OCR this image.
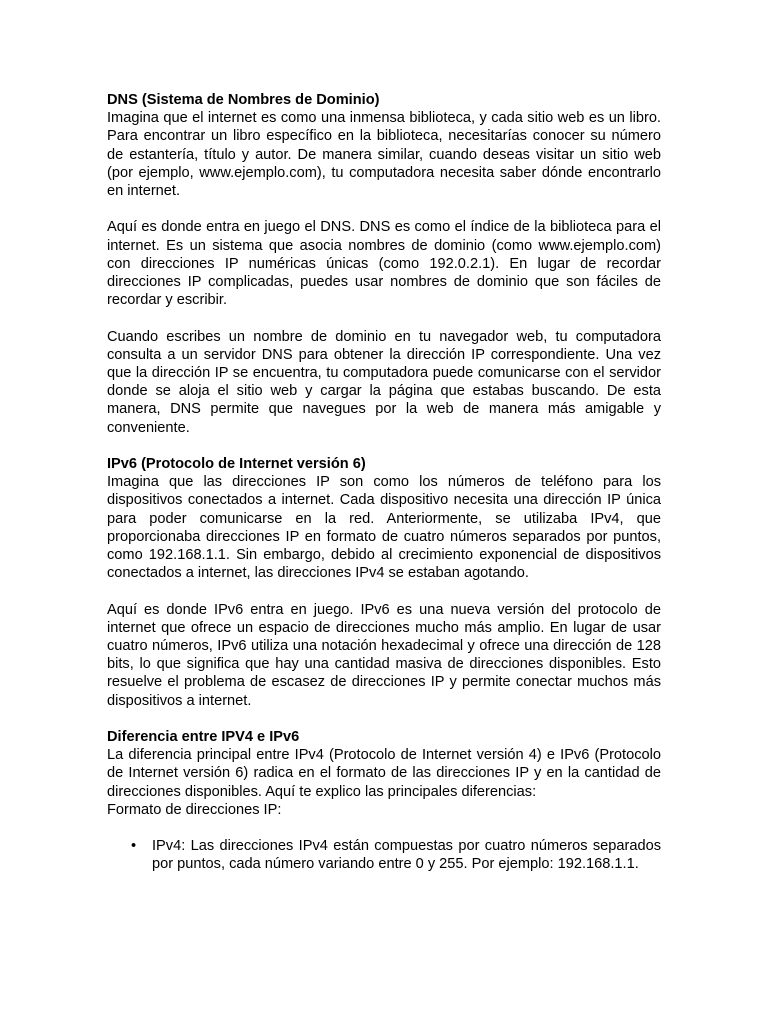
DNS (Sistema de Nombres de Dominio)

Imagina que el internet es como una inmensa biblioteca, y cada sitio web es un libro. Para encontrar un libro específico en la biblioteca, necesitarías conocer su número de estantería, título y autor. De manera similar, cuando deseas visitar un sitio web (por ejemplo, www.ejemplo.com), tu computadora necesita saber dónde encontrarlo en internet.

Aquí es donde entra en juego el DNS. DNS es como el índice de la biblioteca para el internet. Es un sistema que asocia nombres de dominio (como www.ejemplo.com) con direcciones IP numéricas únicas (como 192.0.2.1). En lugar de recordar direcciones IP complicadas, puedes usar nombres de dominio que son fáciles de recordar y escribir.

Cuando escribes un nombre de dominio en tu navegador web, tu computadora consulta a un servidor DNS para obtener la dirección IP correspondiente. Una vez que la dirección IP se encuentra, tu computadora puede comunicarse con el servidor donde se aloja el sitio web y cargar la página que estabas buscando. De esta manera, DNS permite que navegues por la web de manera más amigable y conveniente.

IPv6 (Protocolo de Internet versión 6)

Imagina que las direcciones IP son como los números de teléfono para los dispositivos conectados a internet. Cada dispositivo necesita una dirección IP única para poder comunicarse en la red. Anteriormente, se utilizaba IPv4, que proporcionaba direcciones IP en formato de cuatro números separados por puntos, como 192.168.1.1. Sin embargo, debido al crecimiento exponencial de dispositivos conectados a internet, las direcciones IPv4 se estaban agotando.

Aquí es donde IPv6 entra en juego. IPv6 es una nueva versión del protocolo de internet que ofrece un espacio de direcciones mucho más amplio. En lugar de usar cuatro números, IPv6 utiliza una notación hexadecimal y ofrece una dirección de 128 bits, lo que significa que hay una cantidad masiva de direcciones disponibles. Esto resuelve el problema de escasez de direcciones IP y permite conectar muchos más dispositivos a internet.

Diferencia entre IPV4 e IPv6

La diferencia principal entre IPv4 (Protocolo de Internet versión 4) e IPv6 (Protocolo de Internet versión 6) radica en el formato de las direcciones IP y en la cantidad de direcciones disponibles. Aquí te explico las principales diferencias:

Formato de direcciones IP:

• IPv4: Las direcciones IPv4 están compuestas por cuatro números separados por puntos, cada número variando entre 0 y 255. Por ejemplo: 192.168.1.1.
